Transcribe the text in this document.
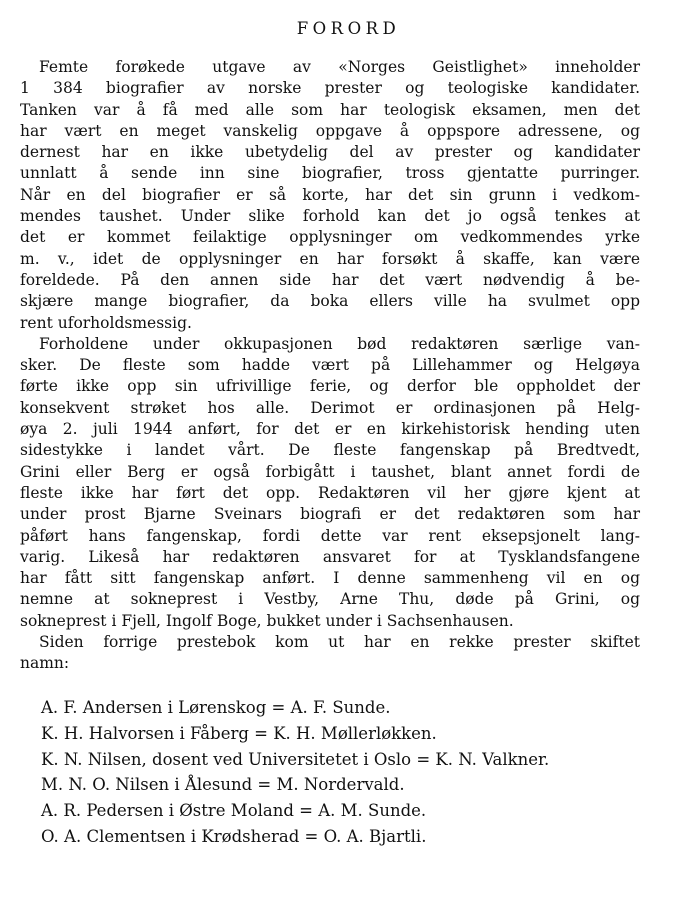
FORORD
Femte forøkede utgave av «Norges Geistlighet» inneholder
1 384 biografier av norske prester og teologiske kandidater.
Tanken var å få med alle som har teologisk eksamen, men det
har vært en meget vanskelig oppgave å oppspore adressene, og
dernest har en ikke ubetydelig del av prester og kandidater
unnlatt å sende inn sine biografier, tross gjentatte purringer.
Når en del biografier er så korte, har det sin grunn i vedkom-
mendes taushet. Under slike forhold kan det jo også tenkes at
det er kommet feilaktige opplysninger om vedkommendes yrke
m. v., idet de opplysninger en har forsøkt å skaffe, kan være
foreldede. På den annen side har det vært nødvendig å be-
skjære mange biografier, da boka ellers ville ha svulmet opp
rent uforholdsmessig.
Forholdene under okkupasjonen bød redaktøren særlige van-
sker. De fleste som hadde vært på Lillehammer og Helgøya
førte ikke opp sin ufrivillige ferie, og derfor ble oppholdet der
konsekvent strøket hos alle. Derimot er ordinasjonen på Helg-
øya 2. juli 1944 anført, for det er en kirkehistorisk hending uten
sidestykke i landet vårt. De fleste fangenskap på Bredtvedt,
Grini eller Berg er også forbigått i taushet, blant annet fordi de
fleste ikke har ført det opp. Redaktøren vil her gjøre kjent at
under prost Bjarne Sveinars biografi er det redaktøren som har
påført hans fangenskap, fordi dette var rent eksepsjonelt lang-
varig. Likeså har redaktøren ansvaret for at Tysklandsfangene
har fått sitt fangenskap anført. I denne sammenheng vil en og
nemne at sokneprest i Vestby, Arne Thu, døde på Grini, og
sokneprest i Fjell, Ingolf Boge, bukket under i Sachsenhausen.
Siden forrige prestebok kom ut har en rekke prester skiftet
namn:
A. F. Andersen i Lørenskog = A. F. Sunde.
K. H. Halvorsen i Fåberg = K. H. Møllerløkken.
K. N. Nilsen, dosent ved Universitetet i Oslo = K. N. Valkner.
M. N. O. Nilsen i Ålesund = M. Nordervald.
A. R. Pedersen i Østre Moland = A. M. Sunde.
O. A. Clementsen i Krødsherad = O. A. Bjartli.
